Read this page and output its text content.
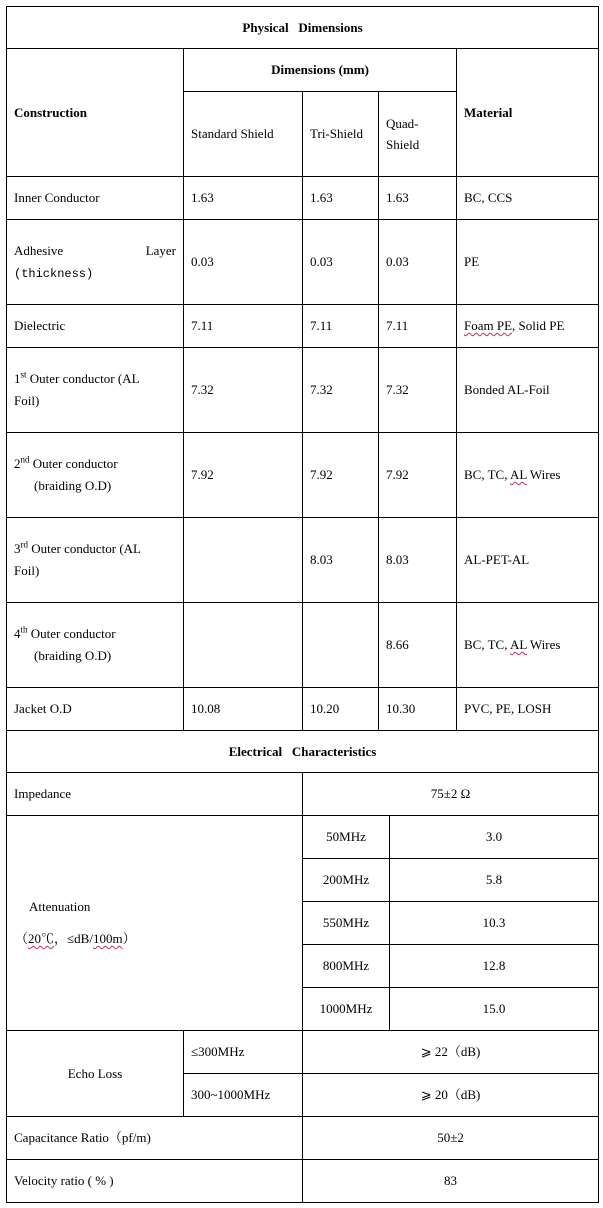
Physical   Dimensions					
Construction	Dimensions (mm)				Material
	Standard Shield	Tri-Shield	Quad-
Shield		
Inner Conductor	1.63	1.63	1.63		BC, CCS

Adhesive Layer
(thickness)	0.03	0.03	0.03		PE
Dielectric	7.11	7.11	7.11		Foam PE, Solid PE

1st Outer conductor (AL
Foil)	7.32	7.32	7.32		Bonded AL-Foil
2nd Outer conductor
(braiding O.D)	7.92	7.92	7.92		BC, TC, AL Wires

3rd Outer conductor (AL
Foil)		8.03	8.03		AL-PET-AL
4th Outer conductor
(braiding O.D)			8.66		BC, TC, AL Wires
Jacket O.D	10.08	10.20	10.30		PVC, PE, LOSH
Electrical   Characteristics					
Impedance		75±2 Ω			

Attenuation
（20℃，≤dB/100m）		50MHz		3.0	
		200MHz		5.8	
		550MHz		10.3	
		800MHz		12.8	
		1000MHz		15.0	
Echo Loss	≤300MHz	⩾ 22（dB)			
	300~1000MHz	⩾ 20（dB)			
Capacitance Ratio（pf/m)		50±2			
Velocity ratio ( % )		83			
